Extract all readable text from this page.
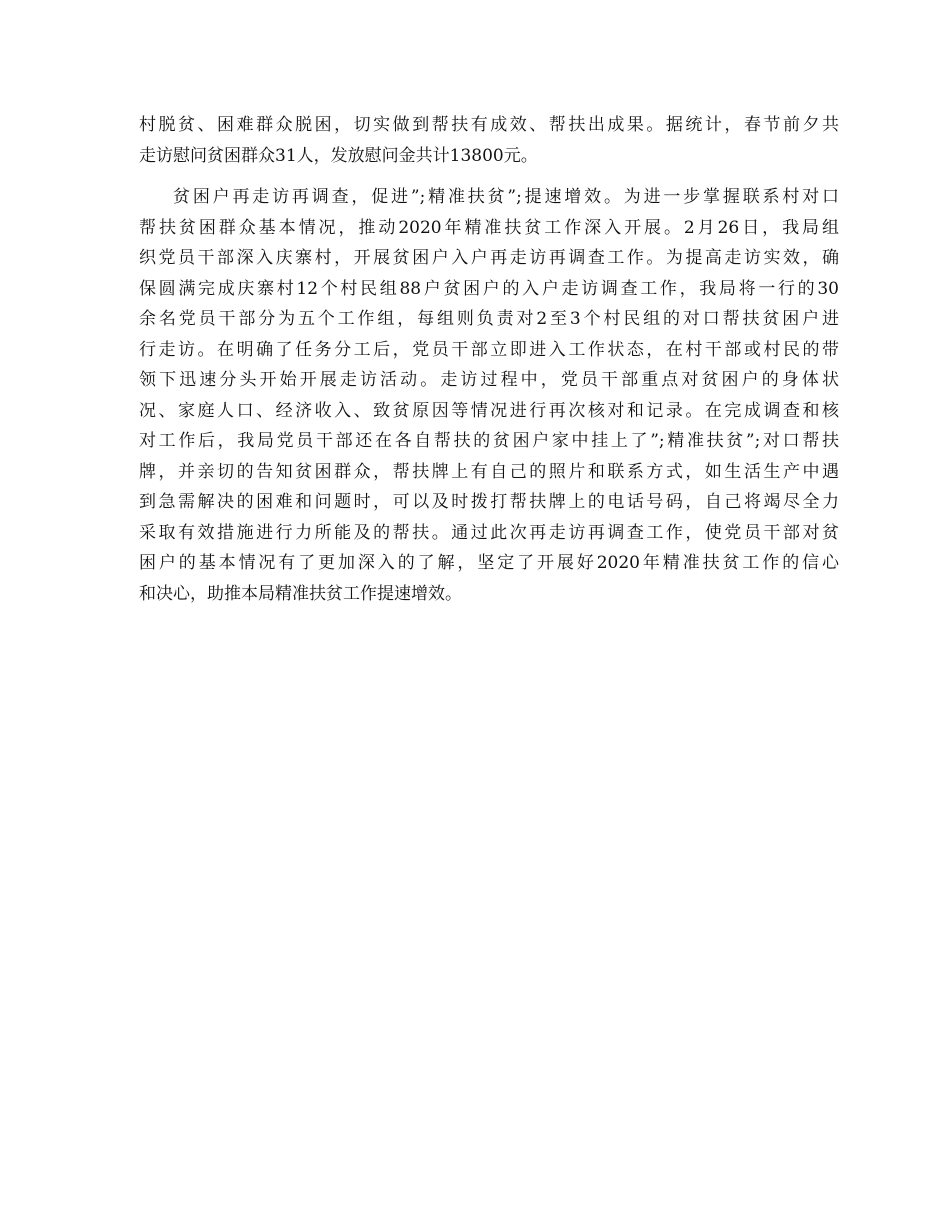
村脱贫、困难群众脱困，切实做到帮扶有成效、帮扶出成果。据统计，春节前夕共
走访慰问贫困群众31人，发放慰问金共计13800元。
贫困户再走访再调查，促进”;精准扶贫”;提速增效。为进一步掌握联系村对口
帮扶贫困群众基本情况，推动2020年精准扶贫工作深入开展。2月26日，我局组
织党员干部深入庆寨村，开展贫困户入户再走访再调查工作。为提高走访实效，确
保圆满完成庆寨村12个村民组88户贫困户的入户走访调查工作，我局将一行的30
余名党员干部分为五个工作组，每组则负责对2至3个村民组的对口帮扶贫困户进
行走访。在明确了任务分工后，党员干部立即进入工作状态，在村干部或村民的带
领下迅速分头开始开展走访活动。走访过程中，党员干部重点对贫困户的身体状
况、家庭人口、经济收入、致贫原因等情况进行再次核对和记录。在完成调查和核
对工作后，我局党员干部还在各自帮扶的贫困户家中挂上了”;精准扶贫”;对口帮扶
牌，并亲切的告知贫困群众，帮扶牌上有自己的照片和联系方式，如生活生产中遇
到急需解决的困难和问题时，可以及时拨打帮扶牌上的电话号码，自己将竭尽全力
采取有效措施进行力所能及的帮扶。通过此次再走访再调查工作，使党员干部对贫
困户的基本情况有了更加深入的了解，坚定了开展好2020年精准扶贫工作的信心
和决心，助推本局精准扶贫工作提速增效。
